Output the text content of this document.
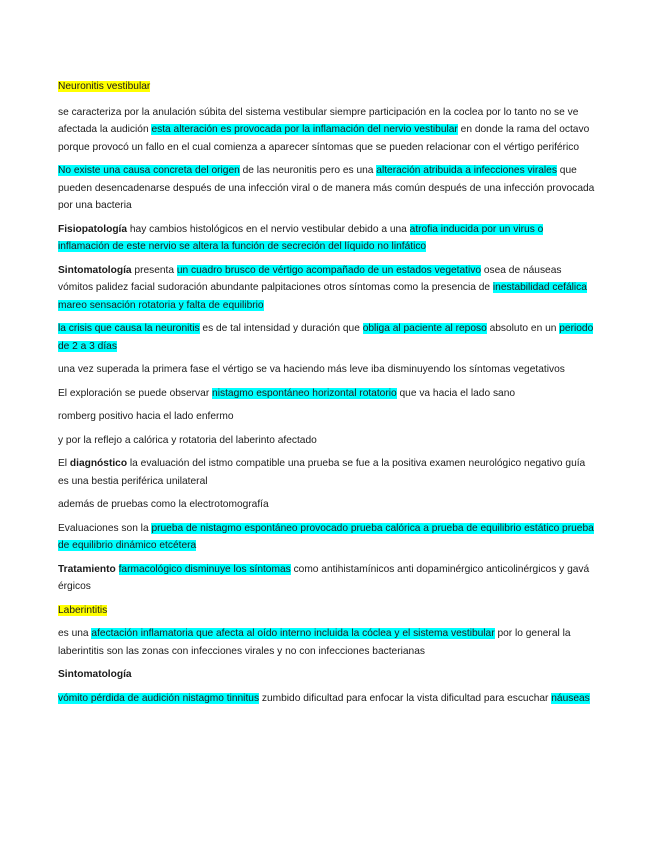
Neuronitis vestibular

se caracteriza por la anulación súbita del sistema vestibular siempre participación en la coclea por lo tanto no se ve afectada la audición esta alteración es provocada por la inflamación del nervio vestibular en donde la rama del octavo porque provocó un fallo en el cual comienza a aparecer síntomas que se pueden relacionar con el vértigo periférico

No existe una causa concreta del origen de las neuronitis pero es una alteración atribuida a infecciones virales que pueden desencadenarse después de una infección viral o de manera más común después de una infección provocada por una bacteria

Fisiopatología hay cambios histológicos en el nervio vestibular debido a una atrofia inducida por un virus o inflamación de este nervio se altera la función de secreción del líquido no linfático

Sintomatología presenta un cuadro brusco de vértigo acompañado de un estados vegetativo osea de náuseas vómitos palidez facial sudoración abundante palpitaciones otros síntomas como la presencia de inestabilidad cefálica mareo sensación rotatoria y falta de equilibrio

la crisis que causa la neuronitis es de tal intensidad y duración que obliga al paciente al reposo absoluto en un periodo de 2 a 3 días

una vez superada la primera fase el vértigo se va haciendo más leve iba disminuyendo los síntomas vegetativos

El exploración se puede observar nistagmo espontáneo horizontal rotatorio que va hacia el lado sano

romberg positivo hacia el lado enfermo

y por la reflejo a calórica y rotatoria del laberinto afectado

El diagnóstico la evaluación del istmo compatible una prueba se fue a la positiva examen neurológico negativo guía es una bestia periférica unilateral

además de pruebas como la electrotomografía

Evaluaciones son la prueba de nistagmo espontáneo provocado prueba calórica a prueba de equilibrio estático prueba de equilibrio dinámico etcétera

Tratamiento farmacológico disminuye los síntomas como antihistamínicos anti dopaminérgico anticolinérgicos y gavá érgicos

Laberintitis

es una afectación inflamatoria que afecta al oído interno incluida la cóclea y el sistema vestibular por lo general la laberintitis son las zonas con infecciones virales y no con infecciones bacterianas

Sintomatología

vómito pérdida de audición nistagmo tinnitus zumbido dificultad para enfocar la vista dificultad para escuchar náuseas
